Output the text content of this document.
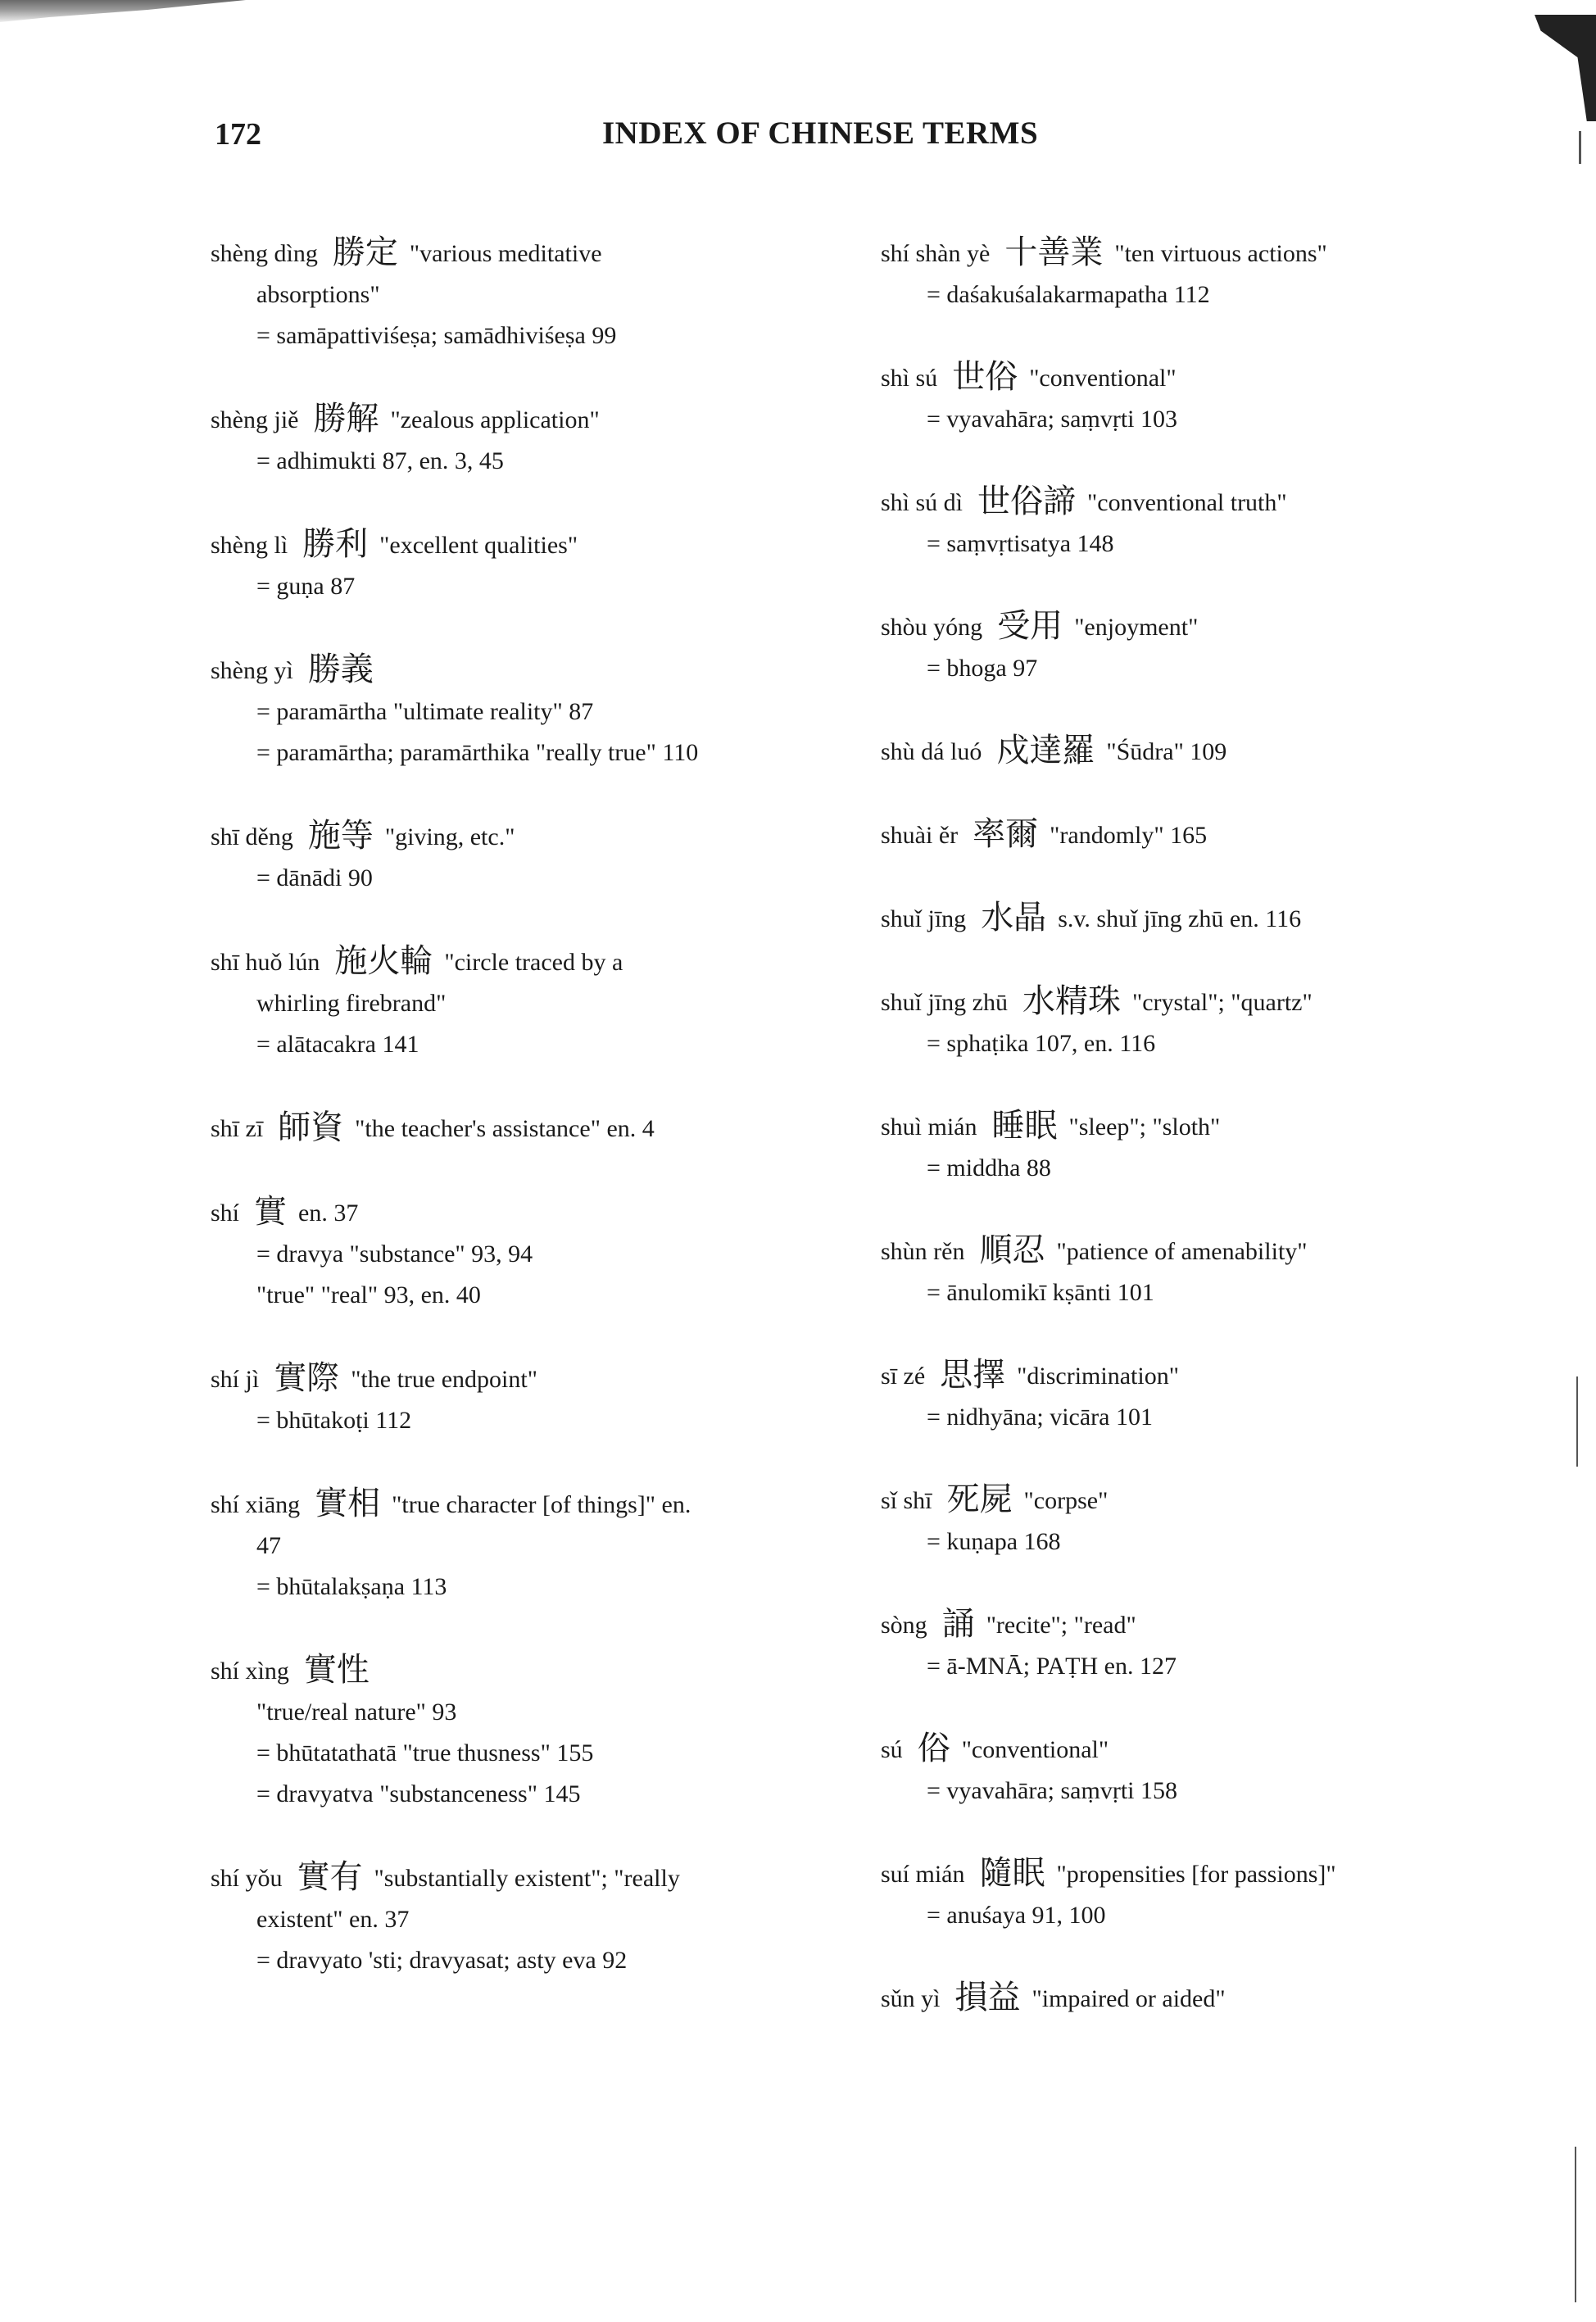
172	INDEX OF CHINESE TERMS
shèng dìng 勝定 "various meditative
absorptions"
= samāpattiviśeṣa; samādhiviśeṣa 99
shèng jiě 勝解 "zealous application"
= adhimukti 87, en. 3, 45
shèng lì 勝利 "excellent qualities"
= guṇa 87
shèng yì 勝義
= paramārtha "ultimate reality" 87
= paramārtha; paramārthika "really true" 110
shī děng 施等 "giving, etc."
= dānādi 90
shī huǒ lún 施火輪 "circle traced by a
whirling firebrand"
= alātacakra 141
shī zī 師資 "the teacher's assistance" en. 4
shí 實 en. 37
= dravya "substance" 93, 94
"true" "real" 93, en. 40
shí jì 實際 "the true endpoint"
= bhūtakoṭi 112
shí xiāng 實相 "true character [of things]" en.
47
= bhūtalakṣaṇa 113
shí xìng 實性
"true/real nature" 93
= bhūtatathatā "true thusness" 155
= dravyatva "substanceness" 145
shí yǒu 實有 "substantially existent"; "really
existent" en. 37
= dravyato 'sti; dravyasat; asty eva 92
shí shàn yè 十善業 "ten virtuous actions"
= daśakuśalakarmapatha 112
shì sú 世俗 "conventional"
= vyavahāra; saṃvṛti 103
shì sú dì 世俗諦 "conventional truth"
= saṃvṛtisatya 148
shòu yóng 受用 "enjoyment"
= bhoga 97
shù dá luó 戍達羅 "Śūdra" 109
shuài ěr 率爾 "randomly" 165
shuǐ jīng 水晶 s.v. shuǐ jīng zhū en. 116
shuǐ jīng zhū 水精珠 "crystal"; "quartz"
= sphaṭika 107, en. 116
shuì mián 睡眠 "sleep"; "sloth"
= middha 88
shùn rěn 順忍 "patience of amenability"
= ānulomikī kṣānti 101
sī zé 思擇 "discrimination"
= nidhyāna; vicāra 101
sǐ shī 死屍 "corpse"
= kuṇapa 168
sòng 誦 "recite"; "read"
= ā-MNĀ; PAṬH en. 127
sú 俗 "conventional"
= vyavahāra; saṃvṛti 158
suí mián 隨眠 "propensities [for passions]"
= anuśaya 91, 100
sǔn yì 損益 "impaired or aided"
